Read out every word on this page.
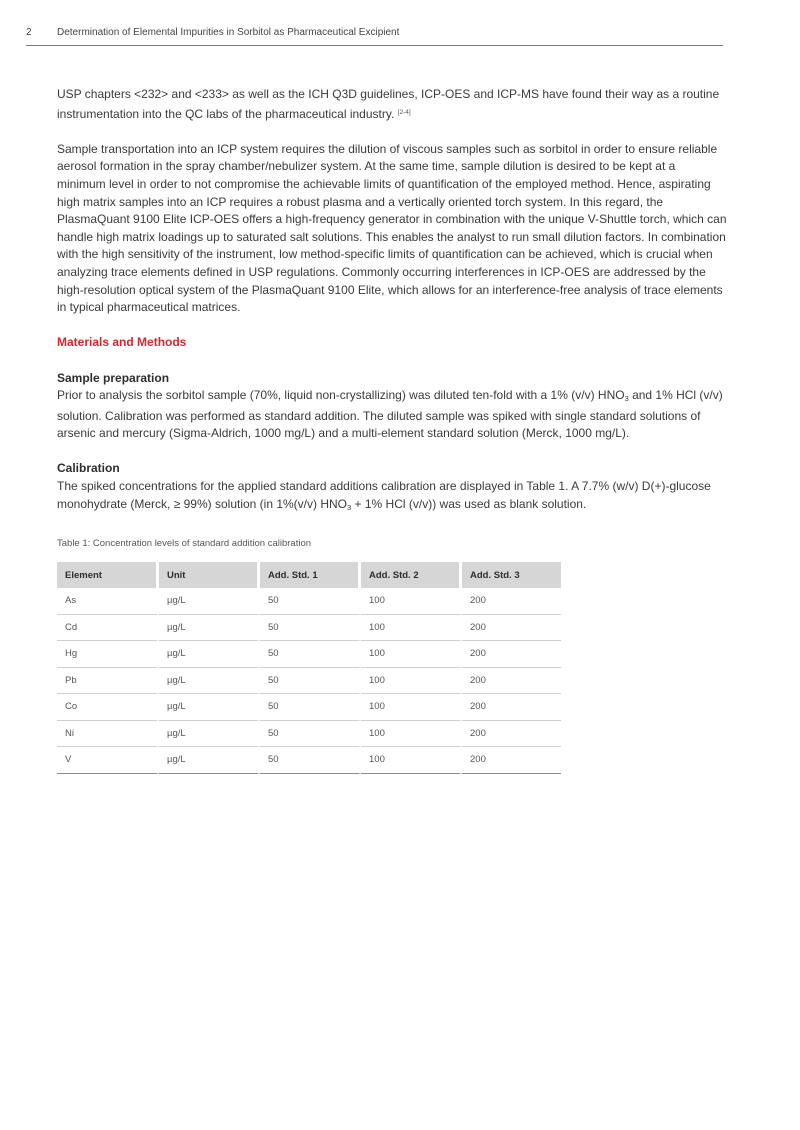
2	Determination of Elemental Impurities in Sorbitol as Pharmaceutical Excipient

USP chapters <232> and <233> as well as the ICH Q3D guidelines, ICP-OES and ICP-MS have found their way as a routine instrumentation into the QC labs of the pharmaceutical industry. [2-4]

Sample transportation into an ICP system requires the dilution of viscous samples such as sorbitol in order to ensure reliable aerosol formation in the spray chamber/nebulizer system. At the same time, sample dilution is desired to be kept at a minimum level in order to not compromise the achievable limits of quantification of the employed method. Hence, aspirating high matrix samples into an ICP requires a robust plasma and a vertically oriented torch system. In this regard, the PlasmaQuant 9100 Elite ICP-OES offers a high-frequency generator in combination with the unique V-Shuttle torch, which can handle high matrix loadings up to saturated salt solutions. This enables the analyst to run small dilution factors. In combination with the high sensitivity of the instrument, low method-specific limits of quantification can be achieved, which is crucial when analyzing trace elements defined in USP regulations. Commonly occurring interferences in ICP-OES are addressed by the high-resolution optical system of the PlasmaQuant 9100 Elite, which allows for an interference-free analysis of trace elements in typical pharmaceutical matrices.

Materials and Methods

Sample preparation

Prior to analysis the sorbitol sample (70%, liquid non-crystallizing) was diluted ten-fold with a 1% (v/v) $HNO_3$ and 1% HCl (v/v) solution. Calibration was performed as standard addition. The diluted sample was spiked with single standard solutions of arsenic and mercury (Sigma-Aldrich, 1000 mg/L) and a multi-element standard solution (Merck, 1000 mg/L).

Calibration

The spiked concentrations for the applied standard additions calibration are displayed in Table 1. A 7.7% (w/v) D(+)-glucose monohydrate (Merck, ≥ 99%) solution (in 1%(v/v) $HNO_3 + 1\%$ HCl (v/v)) was used as blank solution.

Table 1: Concentration levels of standard addition calibration
Element	Unit	Add. Std. 1	Add. Std. 2	Add. Std. 3
As	µg/L	50	100	200
Cd	µg/L	50	100	200
Hg	µg/L	50	100	200
Pb	µg/L	50	100	200
Co	µg/L	50	100	200
Ni	µg/L	50	100	200
V	µg/L	50	100	200
